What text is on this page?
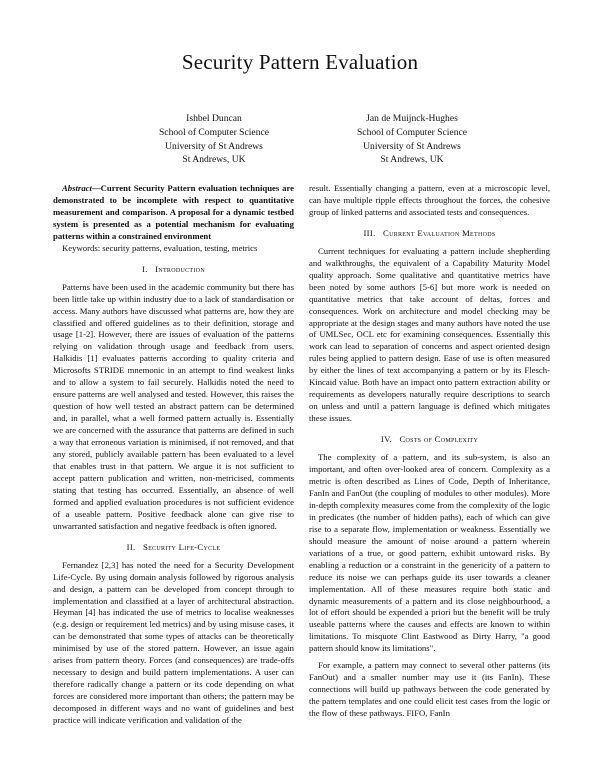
Security Pattern Evaluation
Ishbel Duncan
School of Computer Science
University of St Andrews
St Andrews, UK
Jan de Muijnck-Hughes
School of Computer Science
University of St Andrews
St Andrews, UK

Abstract—Current Security Pattern evaluation techniques are demonstrated to be incomplete with respect to quantitative measurement and comparison. A proposal for a dynamic testbed system is presented as a potential mechanism for evaluating patterns within a constrained environment

Keywords: security patterns, evaluation, testing, metrics

I. Introduction

Patterns have been used in the academic community but there has been little take up within industry due to a lack of standardisation or access. Many authors have discussed what patterns are, how they are classified and offered guidelines as to their definition, storage and usage [1-2]. However, there are issues of evaluation of the patterns relying on validation through usage and feedback from users. Halkidis [1] evaluates patterns according to quality criteria and Microsofts STRIDE mnemonic in an attempt to find weakest links and to allow a system to fail securely. Halkidis noted the need to ensure patterns are well analysed and tested. However, this raises the question of how well tested an abstract pattern can be determined and, in parallel, what a well formed pattern actually is. Essentially we are concerned with the assurance that patterns are defined in such a way that erroneous variation is minimised, if not removed, and that any stored, publicly available pattern has been evaluated to a level that enables trust in that pattern. We argue it is not sufficient to accept pattern publication and written, non-metricised, comments stating that testing has occurred. Essentially, an absence of well formed and applied evaluation procedures is not sufficient evidence of a useable pattern. Positive feedback alone can give rise to unwarranted satisfaction and negative feedback is often ignored.

II. Security Life-Cycle

Fernandez [2,3] has noted the need for a Security Development Life-Cycle. By using domain analysis followed by rigorous analysis and design, a pattern can be developed from concept through to implementation and classified at a layer of architectural abstraction. Heyman [4] has indicated the use of metrics to localise weaknesses (e.g. design or requirement led metrics) and by using misuse cases, it can be demonstrated that some types of attacks can be theoretically minimised by use of the stored pattern. However, an issue again arises from pattern theory. Forces (and consequences) are trade-offs necessary to design and build pattern implementations. A user can therefore radically change a pattern or its code depending on what forces are considered more important than others; the pattern may be decomposed in different ways and no want of guidelines and best practice will indicate verification and validation of the

result. Essentially changing a pattern, even at a microscopic level, can have multiple ripple effects throughout the forces, the cohesive group of linked patterns and associated tests and consequences.

III. Current Evaluation Methods

Current techniques for evaluating a pattern include shepherding and walkthroughs, the equivalent of a Capability Maturity Model quality approach. Some qualitative and quantitative metrics have been noted by some authors [5-6] but more work is needed on quantitative metrics that take account of deltas, forces and consequences. Work on architecture and model checking may be appropriate at the design stages and many authors have noted the use of UMLSec, OCL etc for examining consequences. Essentially this work can lead to separation of concerns and aspect oriented design rules being applied to pattern design. Ease of use is often measured by either the lines of text accompanying a pattern or by its Flesch-Kincaid value. Both have an impact onto pattern extraction ability or requirements as developers naturally require descriptions to search on unless and until a pattern language is defined which mitigates these issues.

IV. Costs of Complexity

The complexity of a pattern, and its sub-system, is also an important, and often over-looked area of concern. Complexity as a metric is often described as Lines of Code, Depth of Inheritance, FanIn and FanOut (the coupling of modules to other modules). More in-depth complexity measures come from the complexity of the logic in predicates (the number of hidden paths), each of which can give rise to a separate flow, implementation or weakness. Essentially we should measure the amount of noise around a pattern wherein variations of a true, or good pattern, exhibit untoward risks. By enabling a reduction or a constraint in the genericity of a pattern to reduce its noise we can perhaps guide its user towards a cleaner implementation. All of these measures require both static and dynamic measurements of a pattern and its close neighbourhood, a lot of effort should be expended a priori but the benefit will be truly useable patterns where the causes and effects are known to within limitations. To misquote Clint Eastwood as Dirty Harry, "a good pattern should know its limitations".

For example, a pattern may connect to several other patterns (its FanOut) and a smaller number may use it (its FanIn). These connections will build up pathways between the code generated by the pattern templates and one could elicit test cases from the logic or the flow of these pathways. FIFO, FanIn
